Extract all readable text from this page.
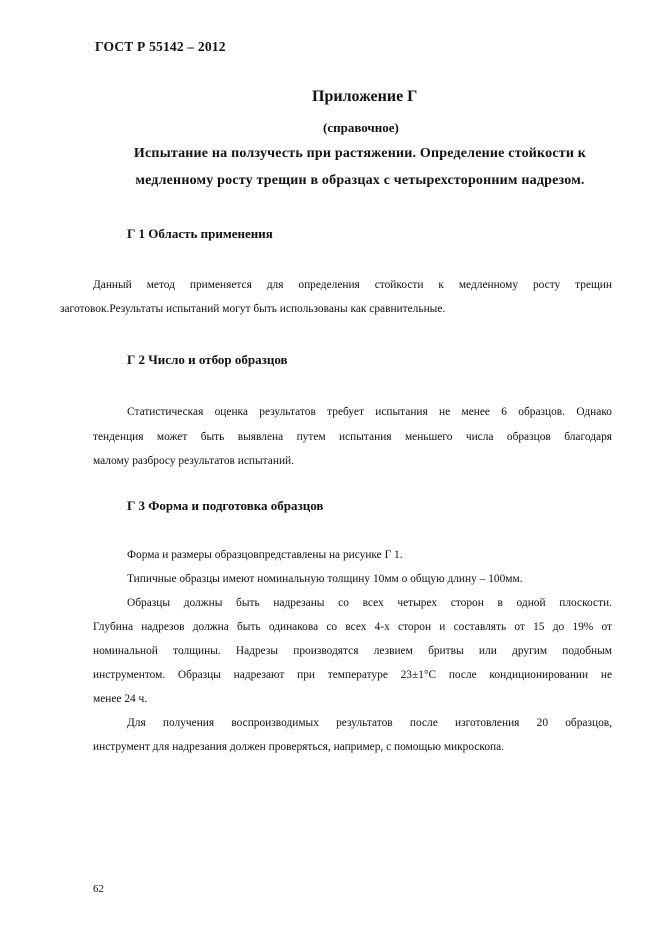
ГОСТ Р 55142 – 2012

Приложение Г

(справочное)

Испытание на ползучесть при растяжении. Определение стойкости к

медленному росту трещин в образцах с четырехсторонним надрезом.

Г 1 Область применения

Данный метод применяется для определения стойкости к медленному росту трещин

заготовок.Результаты испытаний могут быть использованы как сравнительные.

Г 2 Число и отбор образцов

Статистическая оценка результатов требует испытания не менее 6 образцов. Однако

тенденция может быть выявлена путем испытания меньшего числа образцов благодаря

малому разбросу результатов испытаний.

Г 3 Форма и подготовка образцов

Форма и размеры образцовпредставлены на рисунке Г 1.

Типичные образцы имеют номинальную толщину 10мм о общую длину – 100мм.

Образцы должны быть надрезаны со всех четырех сторон в одной плоскости.

Глубина надрезов должна быть одинакова со всех 4-х сторон и составлять от 15 до 19% от

номинальной толщины. Надрезы производятся лезвием бритвы или другим подобным

инструментом. Образцы надрезают при температуре 23±1°С после кондиционировании не

менее 24 ч.

Для получения воспроизводимых результатов после изготовления 20 образцов,

инструмент для надрезания должен проверяться, например, с помощью микроскопа.

62
